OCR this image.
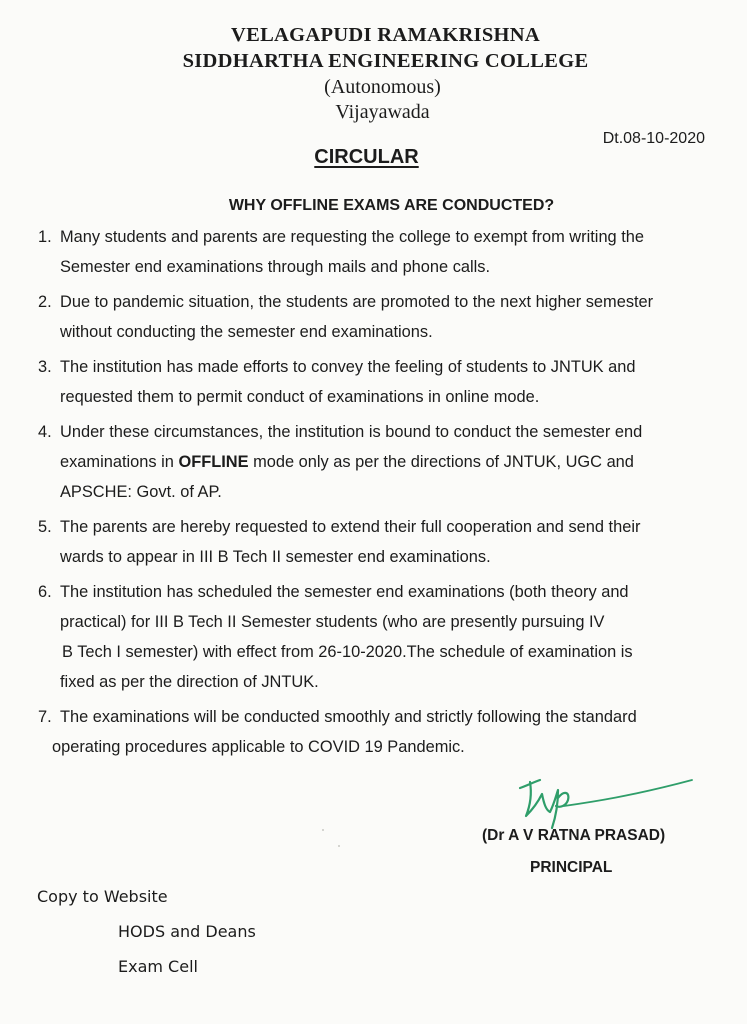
VELAGAPUDI RAMAKRISHNA
SIDDHARTHA ENGINEERING COLLEGE
(Autonomous)
Vijayawada
Dt.08-10-2020
CIRCULAR
WHY OFFLINE EXAMS ARE CONDUCTED?
1. Many students and parents are requesting the college to exempt from writing the
Semester end examinations through mails and phone calls.
2. Due to pandemic situation, the students are promoted to the next higher semester
without conducting the semester end examinations.
3. The institution has made efforts to convey the feeling of students to JNTUK and
requested them to permit conduct of examinations in online mode.
4. Under these circumstances, the institution is bound to conduct the semester end
examinations in OFFLINE mode only as per the directions of JNTUK, UGC and
APSCHE: Govt. of AP.
5. The parents are hereby requested to extend their full cooperation and send their
wards to appear in III B Tech II semester end examinations.
6. The institution has scheduled the semester end examinations (both theory and
practical) for III B Tech II Semester students (who are presently pursuing IV
B Tech I semester) with effect from 26-10-2020.The schedule of examination is
fixed as per the direction of JNTUK.
7. The examinations will be conducted smoothly and strictly following the standard
operating procedures applicable to COVID 19 Pandemic.
(Dr A V RATNA PRASAD)
PRINCIPAL
Copy to Website
HODS and Deans
Exam Cell
